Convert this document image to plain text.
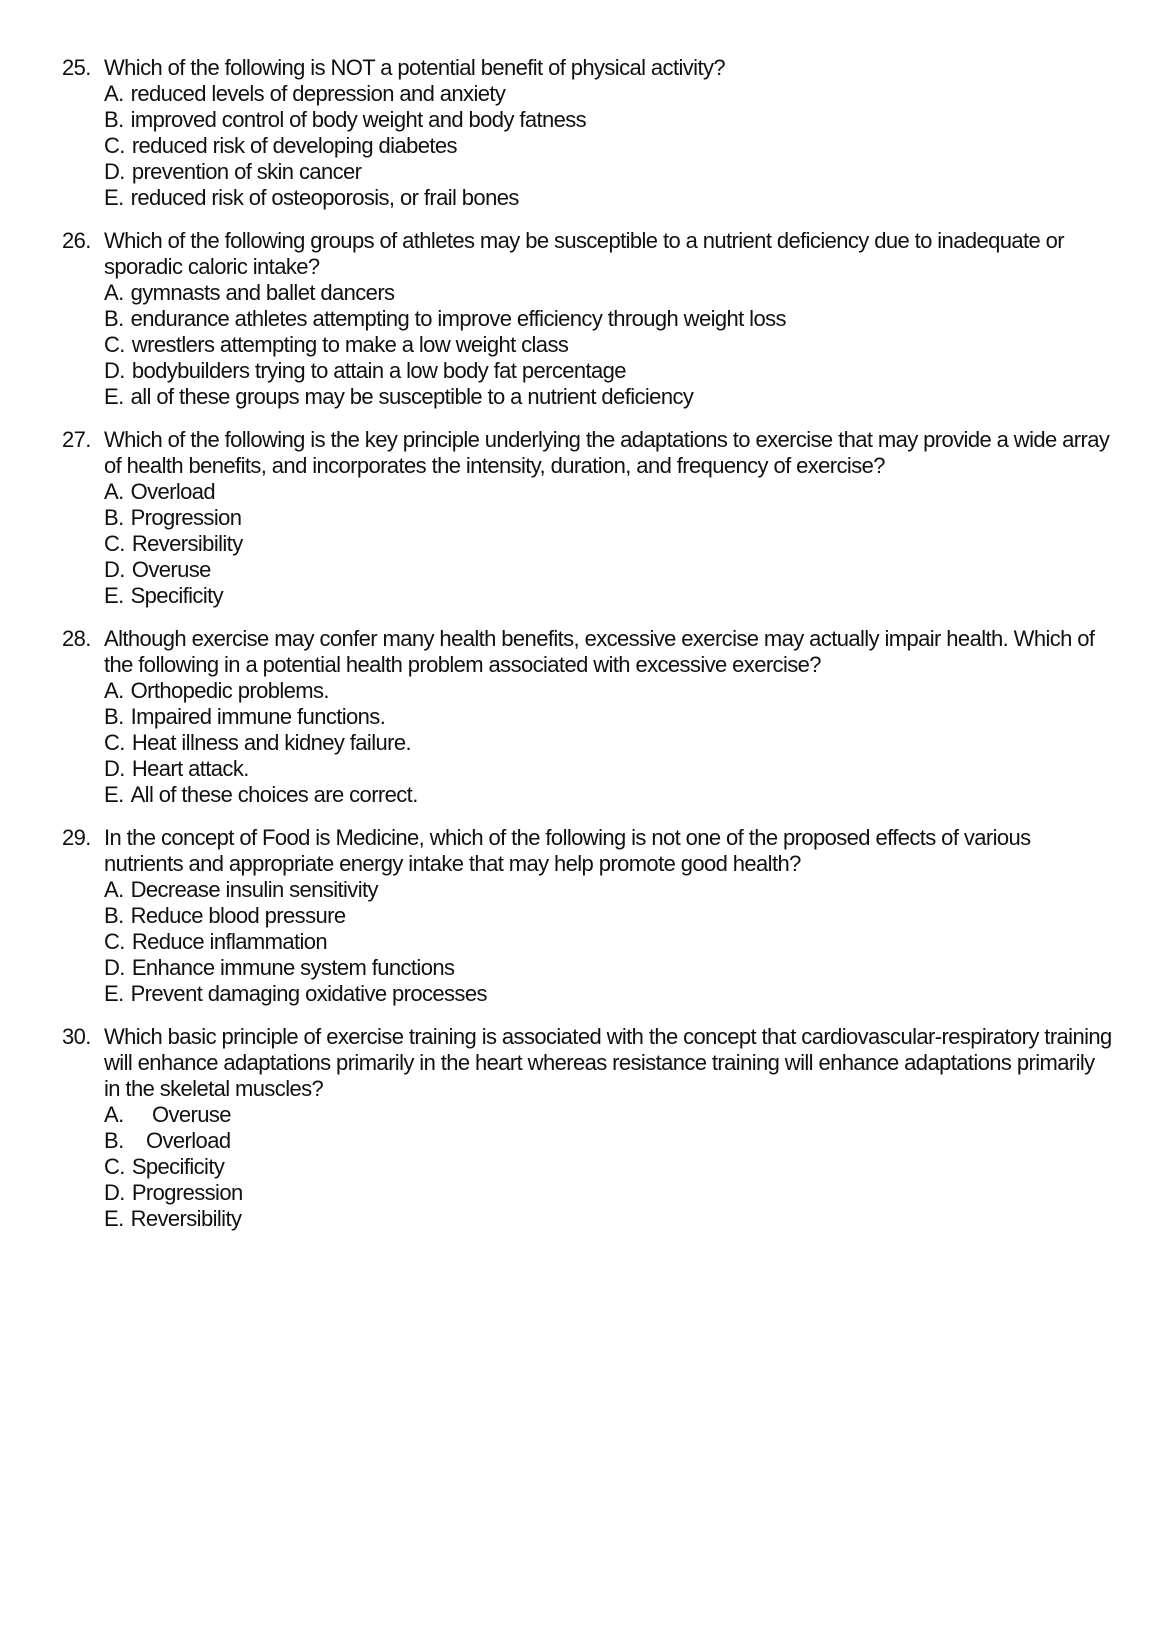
25. Which of the following is NOT a potential benefit of physical activity?
A. reduced levels of depression and anxiety
B. improved control of body weight and body fatness
C. reduced risk of developing diabetes
D. prevention of skin cancer
E. reduced risk of osteoporosis, or frail bones
26. Which of the following groups of athletes may be susceptible to a nutrient deficiency due to inadequate or sporadic caloric intake?
A. gymnasts and ballet dancers
B. endurance athletes attempting to improve efficiency through weight loss
C. wrestlers attempting to make a low weight class
D. bodybuilders trying to attain a low body fat percentage
E. all of these groups may be susceptible to a nutrient deficiency
27. Which of the following is the key principle underlying the adaptations to exercise that may provide a wide array of health benefits, and incorporates the intensity, duration, and frequency of exercise?
A. Overload
B. Progression
C. Reversibility
D. Overuse
E. Specificity
28. Although exercise may confer many health benefits, excessive exercise may actually impair health. Which of the following in a potential health problem associated with excessive exercise?
A. Orthopedic problems.
B. Impaired immune functions.
C. Heat illness and kidney failure.
D. Heart attack.
E. All of these choices are correct.
29. In the concept of Food is Medicine, which of the following is not one of the proposed effects of various nutrients and appropriate energy intake that may help promote good health?
A. Decrease insulin sensitivity
B. Reduce blood pressure
C. Reduce inflammation
D. Enhance immune system functions
E. Prevent damaging oxidative processes
30. Which basic principle of exercise training is associated with the concept that cardiovascular-respiratory training will enhance adaptations primarily in the heart whereas resistance training will enhance adaptations primarily in the skeletal muscles?
A.	Overuse
B.	Overload
C. Specificity
D. Progression
E. Reversibility
